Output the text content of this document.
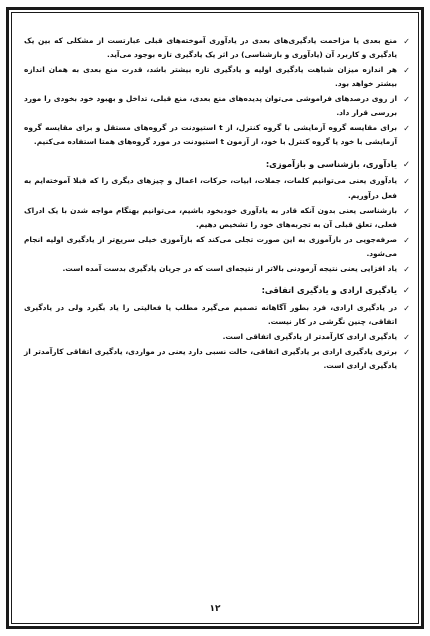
✓
منع بعدی یا مزاحمت یادگیری‌های بعدی در یادآوری آموخته‌های قبلی عبارتست از مشکلی که بین یک یادگیری و کاربرد آن (یادآوری و بازشناسی) در اثر یک یادگیری تازه بوجود می‌آید.
✓
هر اندازه میزان شباهت یادگیری اولیه و یادگیری تازه بیشتر باشد، قدرت منع بعدی به همان اندازه بیشتر خواهد بود.
✓
از روی درصدهای فراموشی می‌توان پدیده‌های منع بعدی، منع قبلی، تداخل و بهبود خود بخودی را مورد بررسی قرار داد.
✓
برای مقایسه گروه آزمایشی با گروه کنترل، از t استیودنت در گروه‌های مستقل و برای مقایسه گروه آزمایشی با خود یا گروه کنترل با خود، از آزمون t استیودنت در مورد گروه‌های همتا استفاده می‌کنیم.
✓
یادآوری، بازشناسی و بازآموزی:
✓
یادآوری یعنی می‌توانیم کلمات، جملات، ابیات، حرکات، اعمال و چیزهای دیگری را که قبلا آموخته‌ایم به فعل درآوریم.
✓
بازشناسی یعنی بدون آنکه قادر به یادآوری خودبخود باشیم، می‌توانیم بهنگام مواجه شدن با یک ادراک فعلی، تعلق قبلی آن به تجربه‌های خود را تشخیص دهیم.
✓
صرفه‌جویی در بازآموزی به این صورت تجلی می‌کند که بازآموزی خیلی سریع‌تر از یادگیری اولیه انجام می‌شود.
✓
یاد افزایی یعنی نتیجه آزمودنی بالاتر از نتیجه‌ای است که در جریان یادگیری بدست آمده است.
✓
یادگیری ارادی و یادگیری اتفاقی:
✓
در یادگیری ارادی، فرد بطور آگاهانه تصمیم می‌گیرد مطلب یا فعالیتی را یاد بگیرد ولی در یادگیری اتفاقی، چنین نگرشی در کار نیست.
✓
یادگیری ارادی کارآمدتر از یادگیری اتفاقی است.
✓
برتری یادگیری ارادی بر یادگیری اتفاقی، حالت نسبی دارد یعنی در مواردی، یادگیری اتفاقی کارآمدتر از یادگیری ارادی است.
۱۲
